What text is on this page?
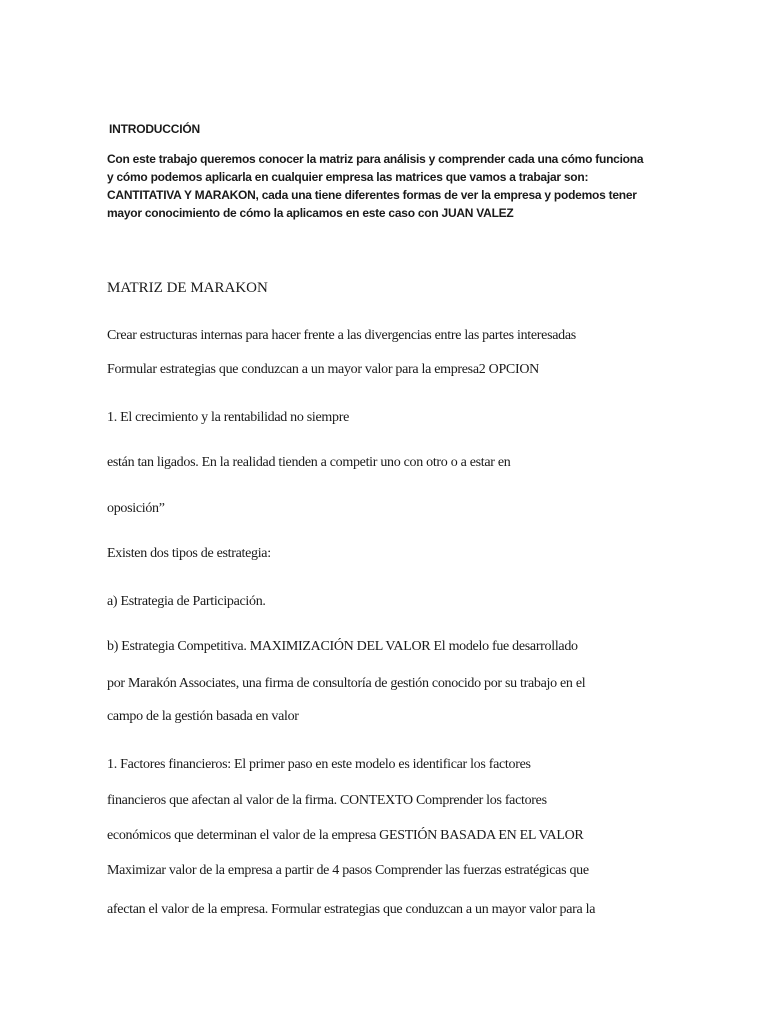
INTRODUCCIÓN
Con este trabajo queremos conocer la matriz para análisis y comprender cada una cómo funciona
y cómo podemos aplicarla en cualquier empresa las matrices que vamos a trabajar son:
CANTITATIVA Y MARAKON, cada una tiene diferentes formas de ver la empresa y podemos tener
mayor conocimiento de cómo la aplicamos en este caso con JUAN VALEZ
MATRIZ DE MARAKON
Crear estructuras internas para hacer frente a las divergencias entre las partes interesadas
Formular estrategias que conduzcan a un mayor valor para la empresa2 OPCION
1. El crecimiento y la rentabilidad no siempre
están tan ligados. En la realidad tienden a competir uno con otro o a estar en
oposición”
Existen dos tipos de estrategia:
a) Estrategia de Participación.
b) Estrategia Competitiva. MAXIMIZACIÓN DEL VALOR El modelo fue desarrollado
por Marakón Associates, una firma de consultoría de gestión conocido por su trabajo en el
campo de la gestión basada en valor
1. Factores financieros: El primer paso en este modelo es identificar los factores
financieros que afectan al valor de la firma. CONTEXTO Comprender los factores
económicos que determinan el valor de la empresa GESTIÓN BASADA EN EL VALOR
Maximizar valor de la empresa a partir de 4 pasos Comprender las fuerzas estratégicas que
afectan el valor de la empresa. Formular estrategias que conduzcan a un mayor valor para la
